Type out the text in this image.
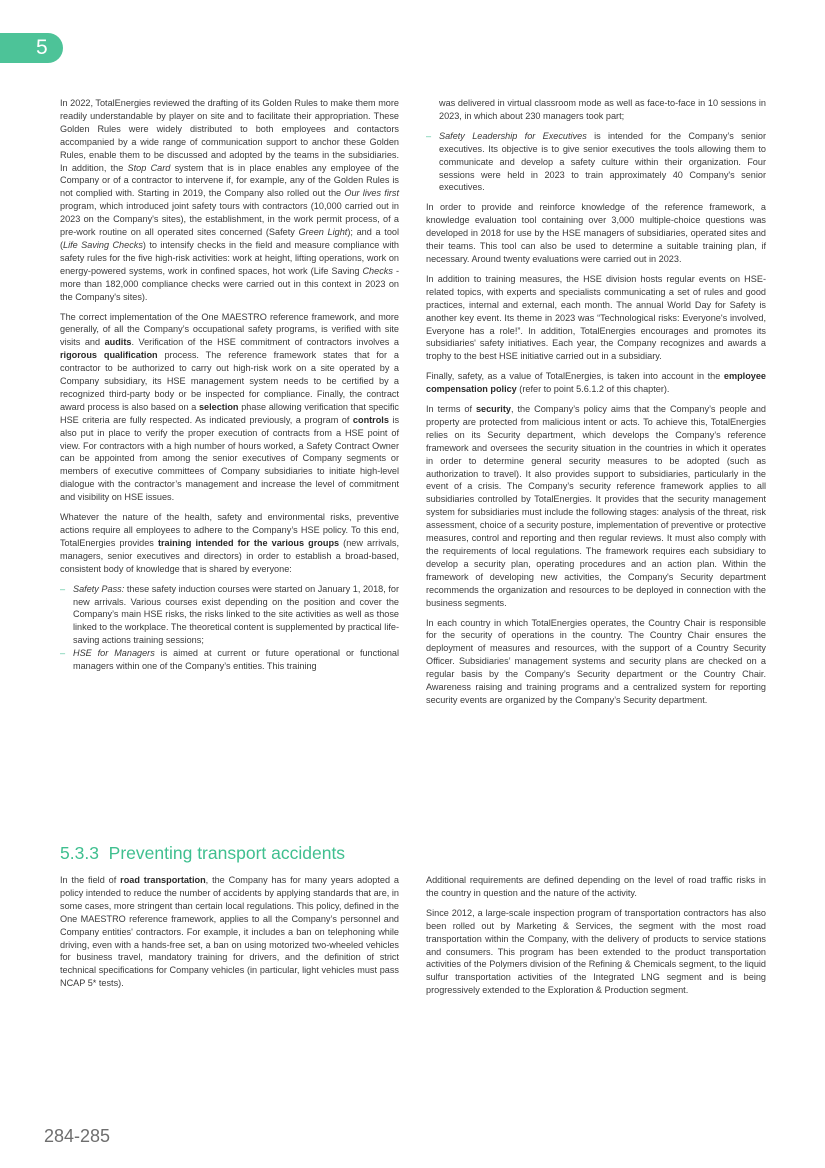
5

In 2022, TotalEnergies reviewed the drafting of its Golden Rules to make them more readily understandable by player on site and to facilitate their appropriation. These Golden Rules were widely distributed to both employees and contactors accompanied by a wide range of communication support to anchor these Golden Rules, enable them to be discussed and adopted by the teams in the subsidiaries. In addition, the Stop Card system that is in place enables any employee of the Company or of a contractor to intervene if, for example, any of the Golden Rules is not complied with. Starting in 2019, the Company also rolled out the Our lives first program, which introduced joint safety tours with contractors (10,000 carried out in 2023 on the Company's sites), the establishment, in the work permit process, of a pre-work routine on all operated sites concerned (Safety Green Light); and a tool (Life Saving Checks) to intensify checks in the field and measure compliance with safety rules for the five high-risk activities: work at height, lifting operations, work on energy-powered systems, work in confined spaces, hot work (Life Saving Checks - more than 182,000 compliance checks were carried out in this context in 2023 on the Company's sites).

The correct implementation of the One MAESTRO reference framework, and more generally, of all the Company’s occupational safety programs, is verified with site visits and audits. Verification of the HSE commitment of contractors involves a rigorous qualification process. The reference framework states that for a contractor to be authorized to carry out high-risk work on a site operated by a Company subsidiary, its HSE management system needs to be certified by a recognized third-party body or be inspected for compliance. Finally, the contract award process is also based on a selection phase allowing verification that specific HSE criteria are fully respected. As indicated previously, a program of controls is also put in place to verify the proper execution of contracts from a HSE point of view. For contractors with a high number of hours worked, a Safety Contract Owner can be appointed from among the senior executives of Company segments or members of executive committees of Company subsidiaries to initiate high-level dialogue with the contractor’s management and increase the level of commitment and visibility on HSE issues.

Whatever the nature of the health, safety and environmental risks, preventive actions require all employees to adhere to the Company’s HSE policy. To this end, TotalEnergies provides training intended for the various groups (new arrivals, managers, senior executives and directors) in order to establish a broad-based, consistent body of knowledge that is shared by everyone:

– Safety Pass: these safety induction courses were started on January 1, 2018, for new arrivals. Various courses exist depending on the position and cover the Company’s main HSE risks, the risks linked to the site activities as well as those linked to the workplace. The theoretical content is supplemented by practical life-saving actions training sessions;
– HSE for Managers is aimed at current or future operational or functional managers within one of the Company’s entities. This training
was delivered in virtual classroom mode as well as face-to-face in 10 sessions in 2023, in which about 230 managers took part;
– Safety Leadership for Executives is intended for the Company’s senior executives. Its objective is to give senior executives the tools allowing them to communicate and develop a safety culture within their organization. Four sessions were held in 2023 to train approximately 40 Company's senior executives.

In order to provide and reinforce knowledge of the reference framework, a knowledge evaluation tool containing over 3,000 multiple-choice questions was developed in 2018 for use by the HSE managers of subsidiaries, operated sites and their teams. This tool can also be used to determine a suitable training plan, if necessary. Around twenty evaluations were carried out in 2023.

In addition to training measures, the HSE division hosts regular events on HSE-related topics, with experts and specialists communicating a set of rules and good practices, internal and external, each month. The annual World Day for Safety is another key event. Its theme in 2023 was “Technological risks: Everyone's involved, Everyone has a role!”. In addition, TotalEnergies encourages and promotes its subsidiaries' safety initiatives. Each year, the Company recognizes and awards a trophy to the best HSE initiative carried out in a subsidiary.

Finally, safety, as a value of TotalEnergies, is taken into account in the employee compensation policy (refer to point 5.6.1.2 of this chapter).

In terms of security, the Company’s policy aims that the Company’s people and property are protected from malicious intent or acts. To achieve this, TotalEnergies relies on its Security department, which develops the Company’s reference framework and oversees the security situation in the countries in which it operates in order to determine general security measures to be adopted (such as authorization to travel). It also provides support to subsidiaries, particularly in the event of a crisis. The Company’s security reference framework applies to all subsidiaries controlled by TotalEnergies. It provides that the security management system for subsidiaries must include the following stages: analysis of the threat, risk assessment, choice of a security posture, implementation of preventive or protective measures, control and reporting and then regular reviews. It must also comply with the requirements of local regulations. The framework requires each subsidiary to develop a security plan, operating procedures and an action plan. Within the framework of developing new activities, the Company's Security department recommends the organization and resources to be deployed in connection with the business segments.

In each country in which TotalEnergies operates, the Country Chair is responsible for the security of operations in the country. The Country Chair ensures the deployment of measures and resources, with the support of a Country Security Officer. Subsidiaries’ management systems and security plans are checked on a regular basis by the Company’s Security department or the Country Chair. Awareness raising and training programs and a centralized system for reporting security events are organized by the Company’s Security department.

5.3.3 Preventing transport accidents

In the field of road transportation, the Company has for many years adopted a policy intended to reduce the number of accidents by applying standards that are, in some cases, more stringent than certain local regulations. This policy, defined in the One MAESTRO reference framework, applies to all the Company’s personnel and Company entities' contractors. For example, it includes a ban on telephoning while driving, even with a hands-free set, a ban on using motorized two-wheeled vehicles for business travel, mandatory training for drivers, and the definition of strict technical specifications for Company vehicles (in particular, light vehicles must pass NCAP 5* tests).

Additional requirements are defined depending on the level of road traffic risks in the country in question and the nature of the activity.

Since 2012, a large-scale inspection program of transportation contractors has also been rolled out by Marketing & Services, the segment with the most road transportation within the Company, with the delivery of products to service stations and consumers. This program has been extended to the product transportation activities of the Polymers division of the Refining & Chemicals segment, to the liquid sulfur transportation activities of the Integrated LNG segment and is being progressively extended to the Exploration & Production segment.

284-285
